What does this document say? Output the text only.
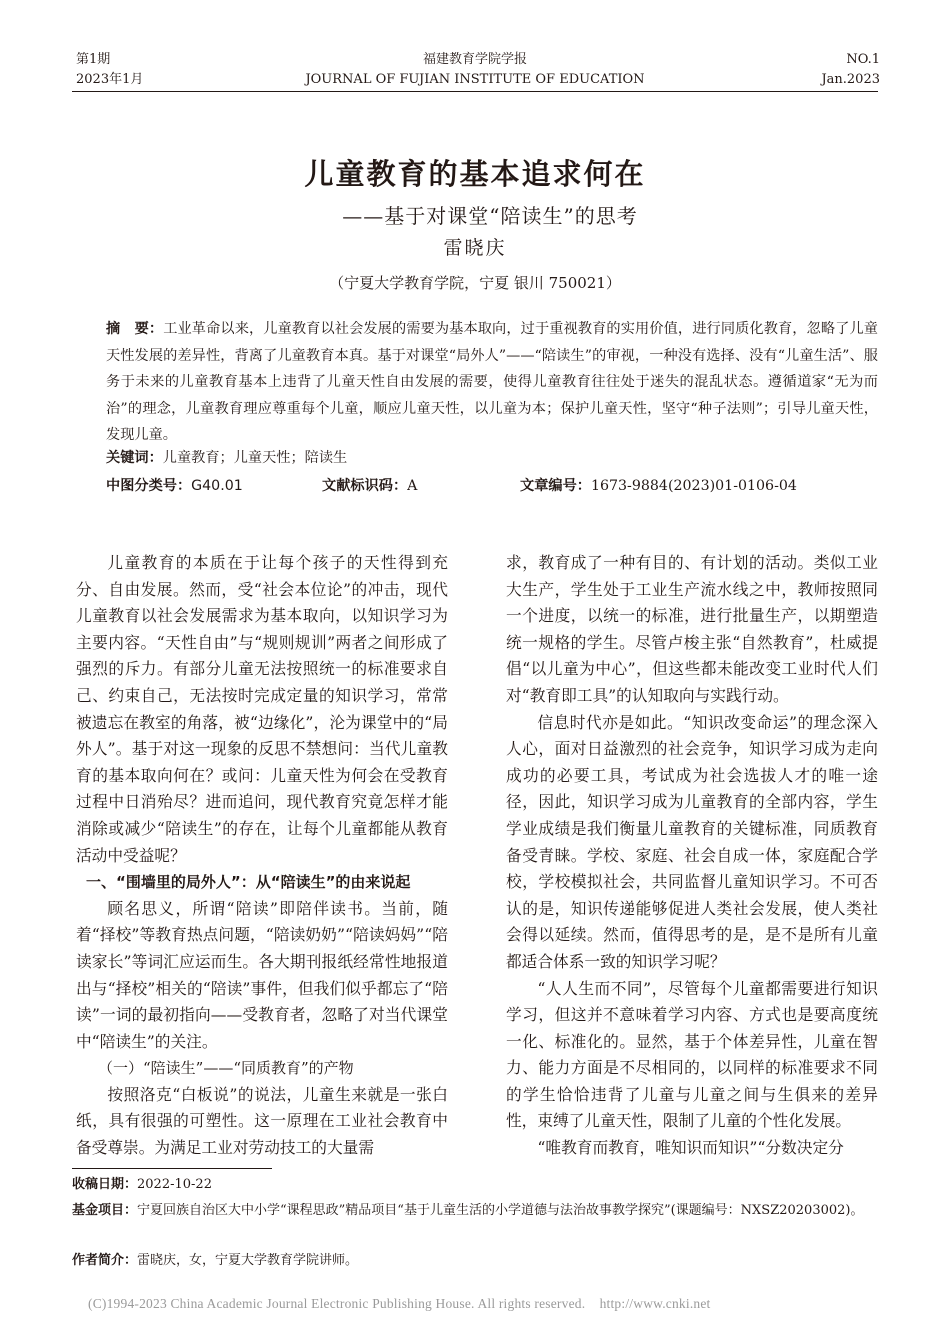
第1期
2023年1月
福建教育学院学报
JOURNAL OF FUJIAN INSTITUTE OF EDUCATION
NO.1
Jan.2023
儿童教育的基本追求何在
——基于对课堂“陪读生”的思考
雷晓庆
（宁夏大学教育学院，宁夏 银川 750021）
摘　要：工业革命以来，儿童教育以社会发展的需要为基本取向，过于重视教育的实用价值，进行同质化教育，忽略了儿童天性发展的差异性，背离了儿童教育本真。基于对课堂“局外人”——“陪读生”的审视，一种没有选择、没有“儿童生活”、服务于未来的儿童教育基本上违背了儿童天性自由发展的需要，使得儿童教育往往处于迷失的混乱状态。遵循道家“无为而治”的理念，儿童教育理应尊重每个儿童，顺应儿童天性，以儿童为本；保护儿童天性，坚守“种子法则”；引导儿童天性，发现儿童。
关键词：儿童教育；儿童天性；陪读生
中图分类号：G40.01	文献标识码：A	文章编号：1673-9884(2023)01-0106-04

儿童教育的本质在于让每个孩子的天性得到充分、自由发展。然而，受“社会本位论”的冲击，现代儿童教育以社会发展需求为基本取向，以知识学习为主要内容。“天性自由”与“规则规训”两者之间形成了强烈的斥力。有部分儿童无法按照统一的标准要求自己、约束自己，无法按时完成定量的知识学习，常常被遗忘在教室的角落，被“边缘化”，沦为课堂中的“局外人”。基于对这一现象的反思不禁想问：当代儿童教育的基本取向何在？或问：儿童天性为何会在受教育过程中日消殆尽？进而追问，现代教育究竟怎样才能消除或减少“陪读生”的存在，让每个儿童都能从教育活动中受益呢？

一、“围墙里的局外人”：从“陪读生”的由来说起

顾名思义，所谓“陪读”即陪伴读书。当前，随着“择校”等教育热点问题，“陪读奶奶”“陪读妈妈”“陪读家长”等词汇应运而生。各大期刊报纸经常性地报道出与“择校”相关的“陪读”事件，但我们似乎都忘了“陪读”一词的最初指向——受教育者，忽略了对当代课堂中“陪读生”的关注。

（一）“陪读生”——“同质教育”的产物

按照洛克“白板说”的说法，儿童生来就是一张白纸，具有很强的可塑性。这一原理在工业社会教育中备受尊崇。为满足工业对劳动技工的大量需

求，教育成了一种有目的、有计划的活动。类似工业大生产，学生处于工业生产流水线之中，教师按照同一个进度，以统一的标准，进行批量生产，以期塑造统一规格的学生。尽管卢梭主张“自然教育”，杜威提倡“以儿童为中心”，但这些都未能改变工业时代人们对“教育即工具”的认知取向与实践行动。

信息时代亦是如此。“知识改变命运”的理念深入人心，面对日益激烈的社会竞争，知识学习成为走向成功的必要工具，考试成为社会选拔人才的唯一途径，因此，知识学习成为儿童教育的全部内容，学生学业成绩是我们衡量儿童教育的关键标准，同质教育备受青睐。学校、家庭、社会自成一体，家庭配合学校，学校模拟社会，共同监督儿童知识学习。不可否认的是，知识传递能够促进人类社会发展，使人类社会得以延续。然而，值得思考的是，是不是所有儿童都适合体系一致的知识学习呢？

“人人生而不同”，尽管每个儿童都需要进行知识学习，但这并不意味着学习内容、方式也是要高度统一化、标准化的。显然，基于个体差异性，儿童在智力、能力方面是不尽相同的，以同样的标准要求不同的学生恰恰违背了儿童与儿童之间与生俱来的差异性，束缚了儿童天性，限制了儿童的个性化发展。

“唯教育而教育，唯知识而知识”“分数决定分

收稿日期：2022-10-22
基金项目：宁夏回族自治区大中小学“课程思政”精品项目“基于儿童生活的小学道德与法治故事教学探究”(课题编号：NXSZ20203002)。
作者简介：雷晓庆，女，宁夏大学教育学院讲师。
(C)1994-2023 China Academic Journal Electronic Publishing House. All rights reserved.    http://www.cnki.net
